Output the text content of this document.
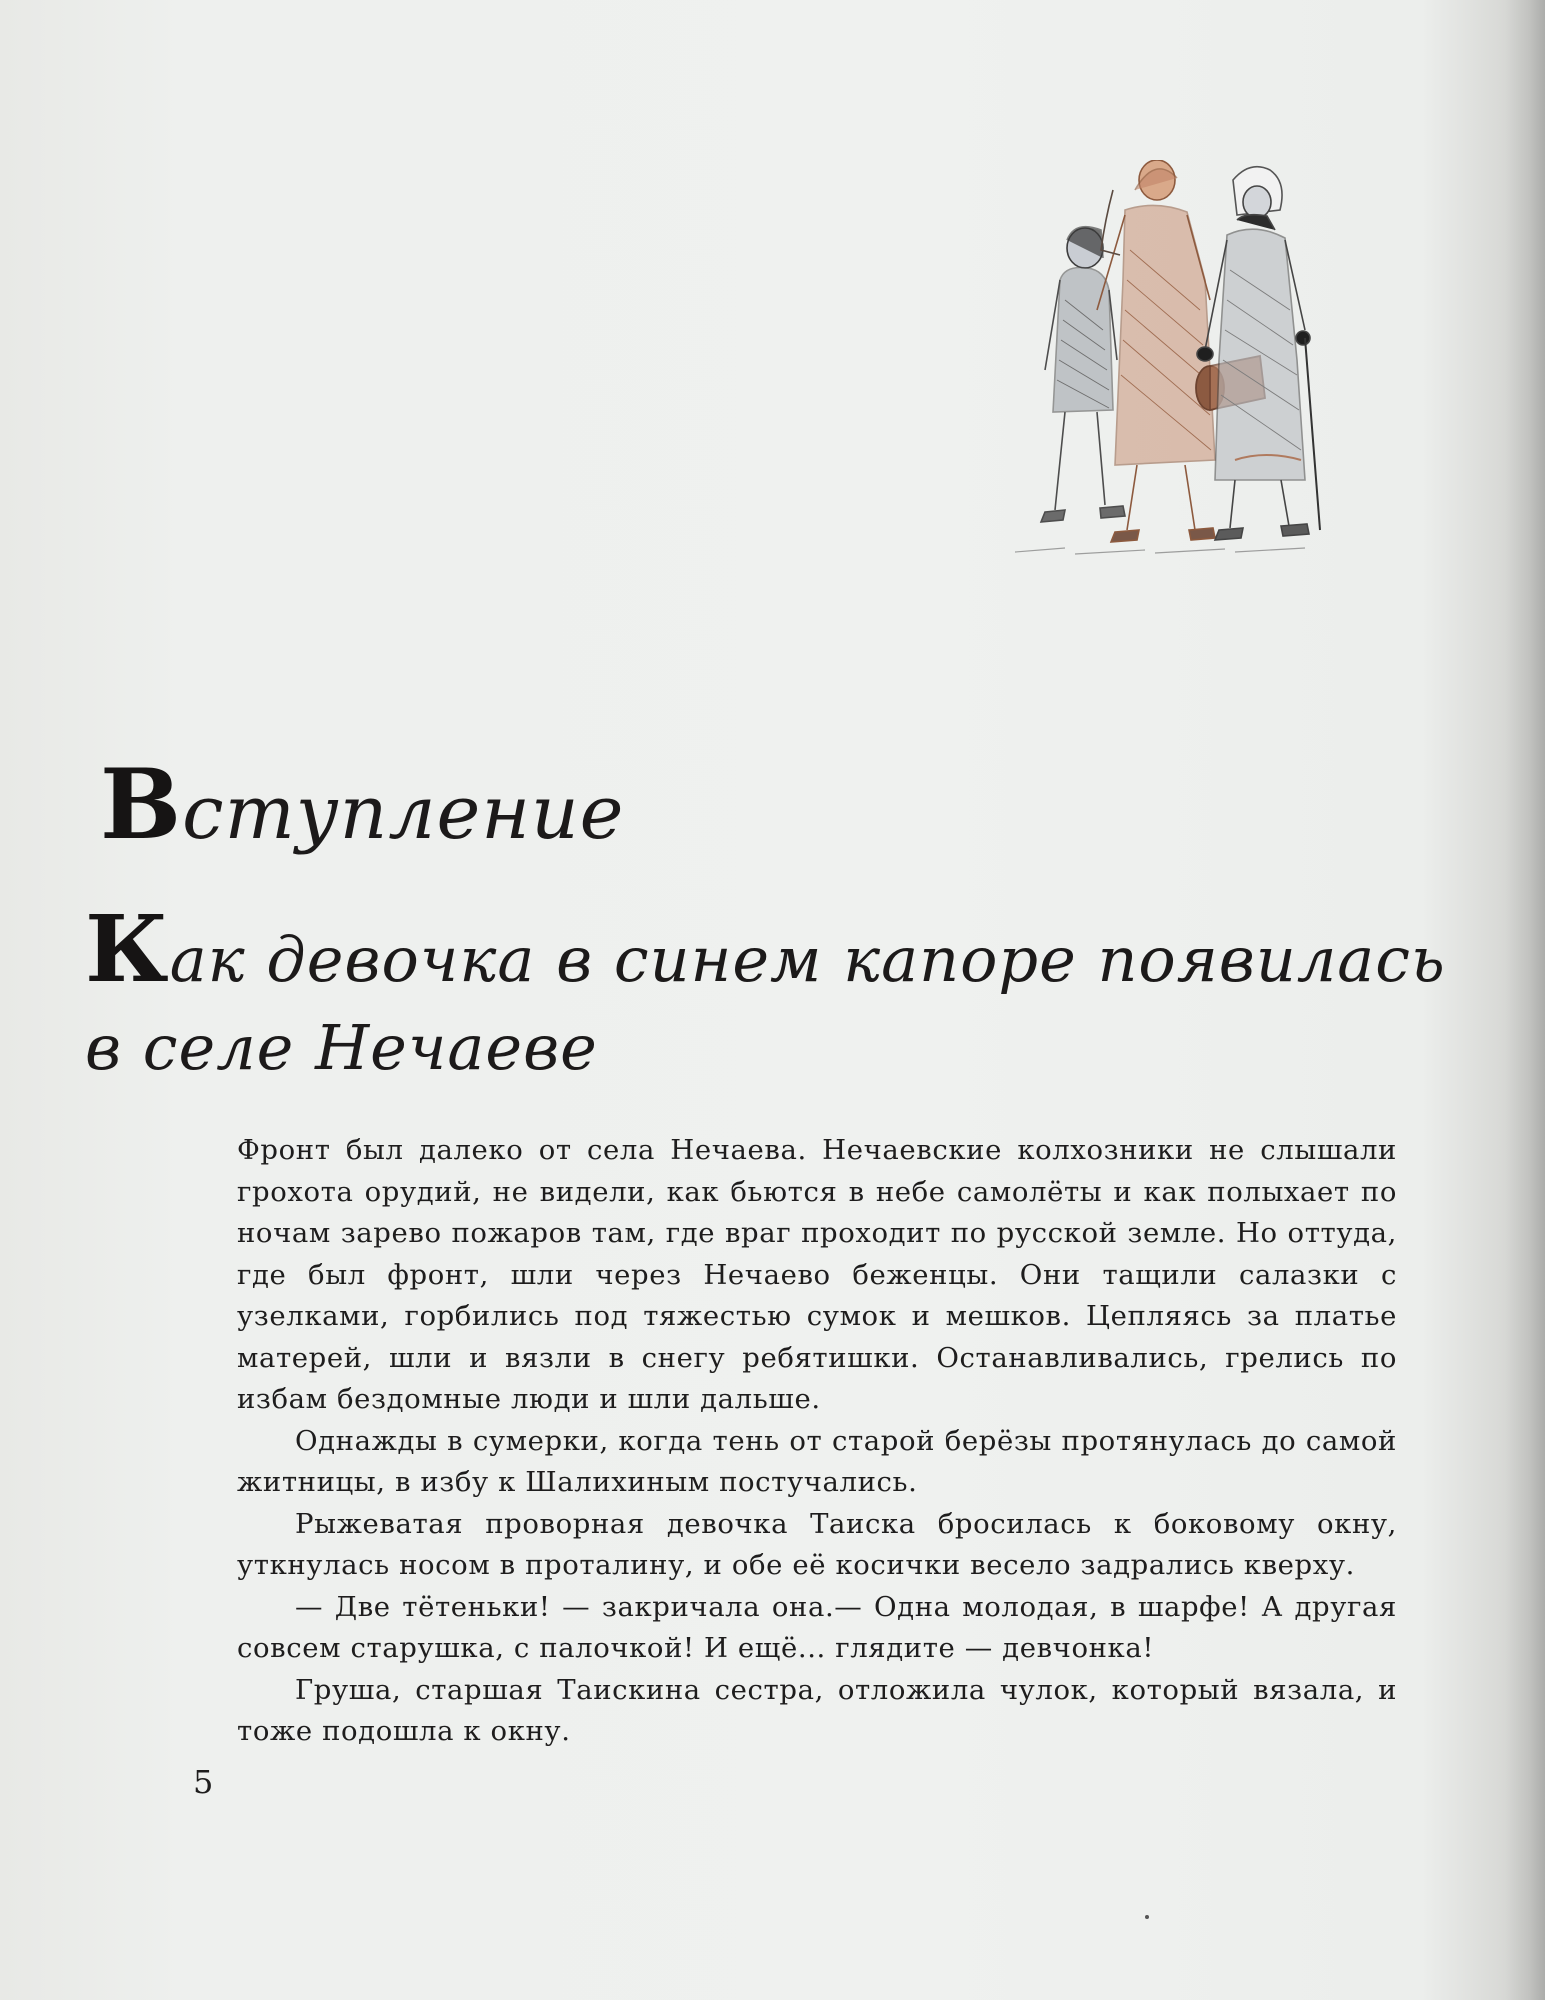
Вступление
Как девочка в синем капоре появилась
в селе Нечаеве

Фронт был далеко от села Нечаева. Нечаевские колхозники не слышали грохота орудий, не видели, как бьются в небе самолёты и как полыхает по ночам зарево пожаров там, где враг проходит по русской земле. Но оттуда, где был фронт, шли через Нечаево беженцы. Они тащили салазки с узелками, горбились под тяжестью сумок и мешков. Цепляясь за платье матерей, шли и вязли в снегу ребятишки. Останавливались, грелись по избам бездомные люди и шли дальше.

Однажды в сумерки, когда тень от старой берёзы протянулась до самой житницы, в избу к Шалихиным постучались.

Рыжеватая проворная девочка Таиска бросилась к боковому окну, уткнулась носом в проталину, и обе её косички весело задрались кверху.

— Две тётеньки! — закричала она.— Одна молодая, в шарфе! А другая совсем старушка, с палочкой! И ещё... глядите — девчонка!

Груша, старшая Таискина сестра, отложила чулок, который вязала, и тоже подошла к окну.

5
